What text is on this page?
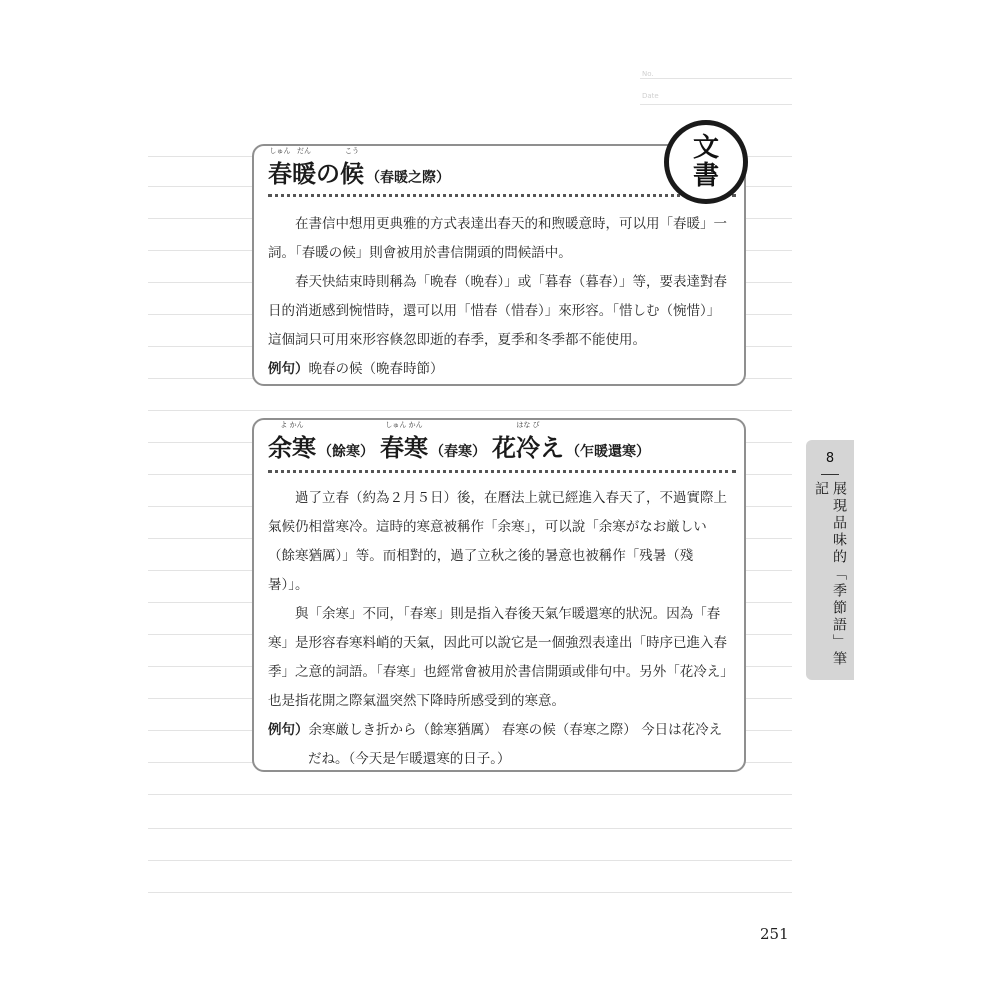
No.
Date
しゅん
春
だん
暖の
こう
候 （春暖之際）

在書信中想用更典雅的方式表達出春天的和煦暖意時，可以用「春暖」一詞。「春暖の候」則會被用於書信開頭的問候語中。

春天快結束時則稱為「晩春（晩春）」或「暮春（暮春）」等，要表達對春日的消逝感到惋惜時，還可以用「惜春（惜春）」來形容。「惜しむ（惋惜）」這個詞只可用來形容倏忽即逝的春季，夏季和冬季都不能使用。

例句）晩春の候（晩春時節）

文
書
よ かん
余寒 （餘寒）
しゅん かん
春寒 （春寒）
はな び
花冷え （乍暖還寒）

過了立春（約為２月５日）後，在曆法上就已經進入春天了，不過實際上氣候仍相當寒冷。這時的寒意被稱作「余寒」，可以說「余寒がなお厳しい（餘寒猶厲）」等。而相對的，過了立秋之後的暑意也被稱作「残暑（殘暑）」。

與「余寒」不同，「春寒」則是指入春後天氣乍暖還寒的狀況。因為「春寒」是形容春寒料峭的天氣，因此可以說它是一個強烈表達出「時序已進入春季」之意的詞語。「春寒」也經常會被用於書信開頭或俳句中。另外「花冷え」也是指花開之際氣溫突然下降時所感受到的寒意。

例句）余寒厳しき折から（餘寒猶厲） 春寒の候（春寒之際） 今日は花冷え

だね。（今天是乍暖還寒的日子。）

8
展現品味的「季節語」筆記
251
